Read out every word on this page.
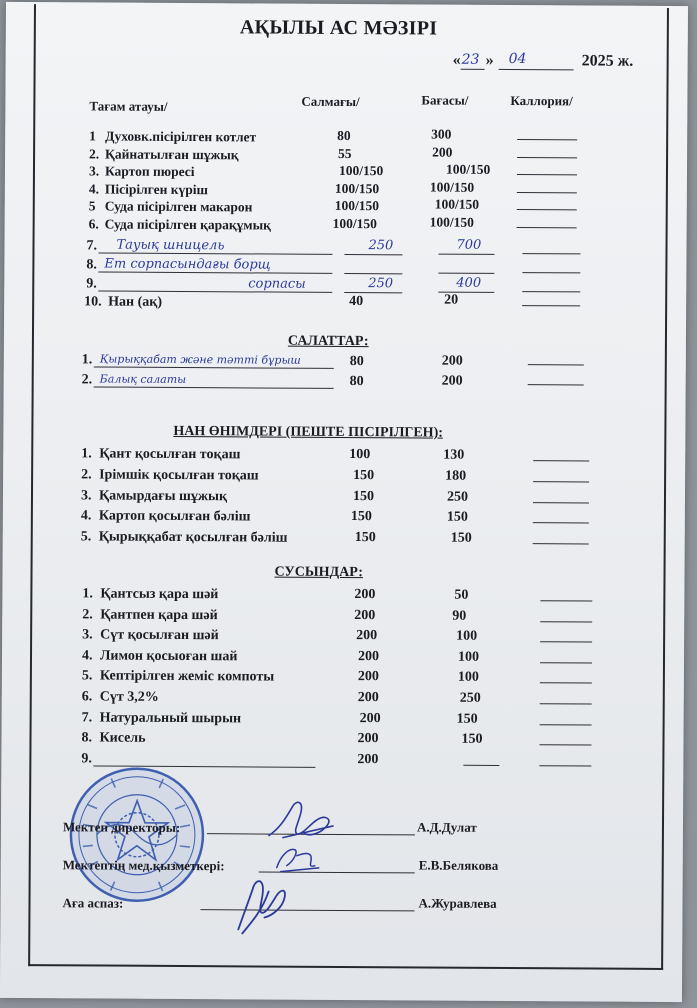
АҚЫЛЫ АС МӘЗІРІ
« 23 » 04	2025 ж.
Тағам атауы/	Салмағы/	Бағасы/	Каллория/
1 Духовк.пісірілген котлет	80	300
2. Қайнатылған шұжық	55	200
3. Картоп пюресі	100/150	100/150
4. Пісірілген күріш	100/150	100/150
5 Суда пісірілген макарон	100/150	100/150
6. Суда пісірілген қарақұмық	100/150	100/150
7. Тауық шницель	250	700
8. Ет сорпасындағы борщ
9.	сорпасы	250	400
10. Нан (ақ)	40	20
САЛАТТАР:
1. Қырыққабат және тәтті бұрыш	80	200
2. Балық салаты	80	200
НАН ӨНІМДЕРІ (ПЕШТЕ ПІСІРІЛГЕН):
1. Қант қосылған тоқаш	100	130
2. Ірімшік қосылған тоқаш	150	180
3. Қамырдағы шұжық	150	250
4. Картоп қосылған бәліш	150	150
5. Қырыққабат қосылған бәліш	150	150
СУСЫНДАР:
1. Қантсыз қара шәй	200	50
2. Қантпен қара шәй	200	90
3. Сүт қосылған шәй	200	100
4. Лимон қосыоған шай	200	100
5. Кептірілген жеміс компоты	200	100
6. Сүт 3,2%	200	250
7. Натуральный шырын	200	150
8. Кисель	200	150
9.	200
Мектеп директоры:	А.Д.Дулат
Мектептің мед.қызметкері:	Е.В.Белякова
Аға аспаз:	А.Журавлева
